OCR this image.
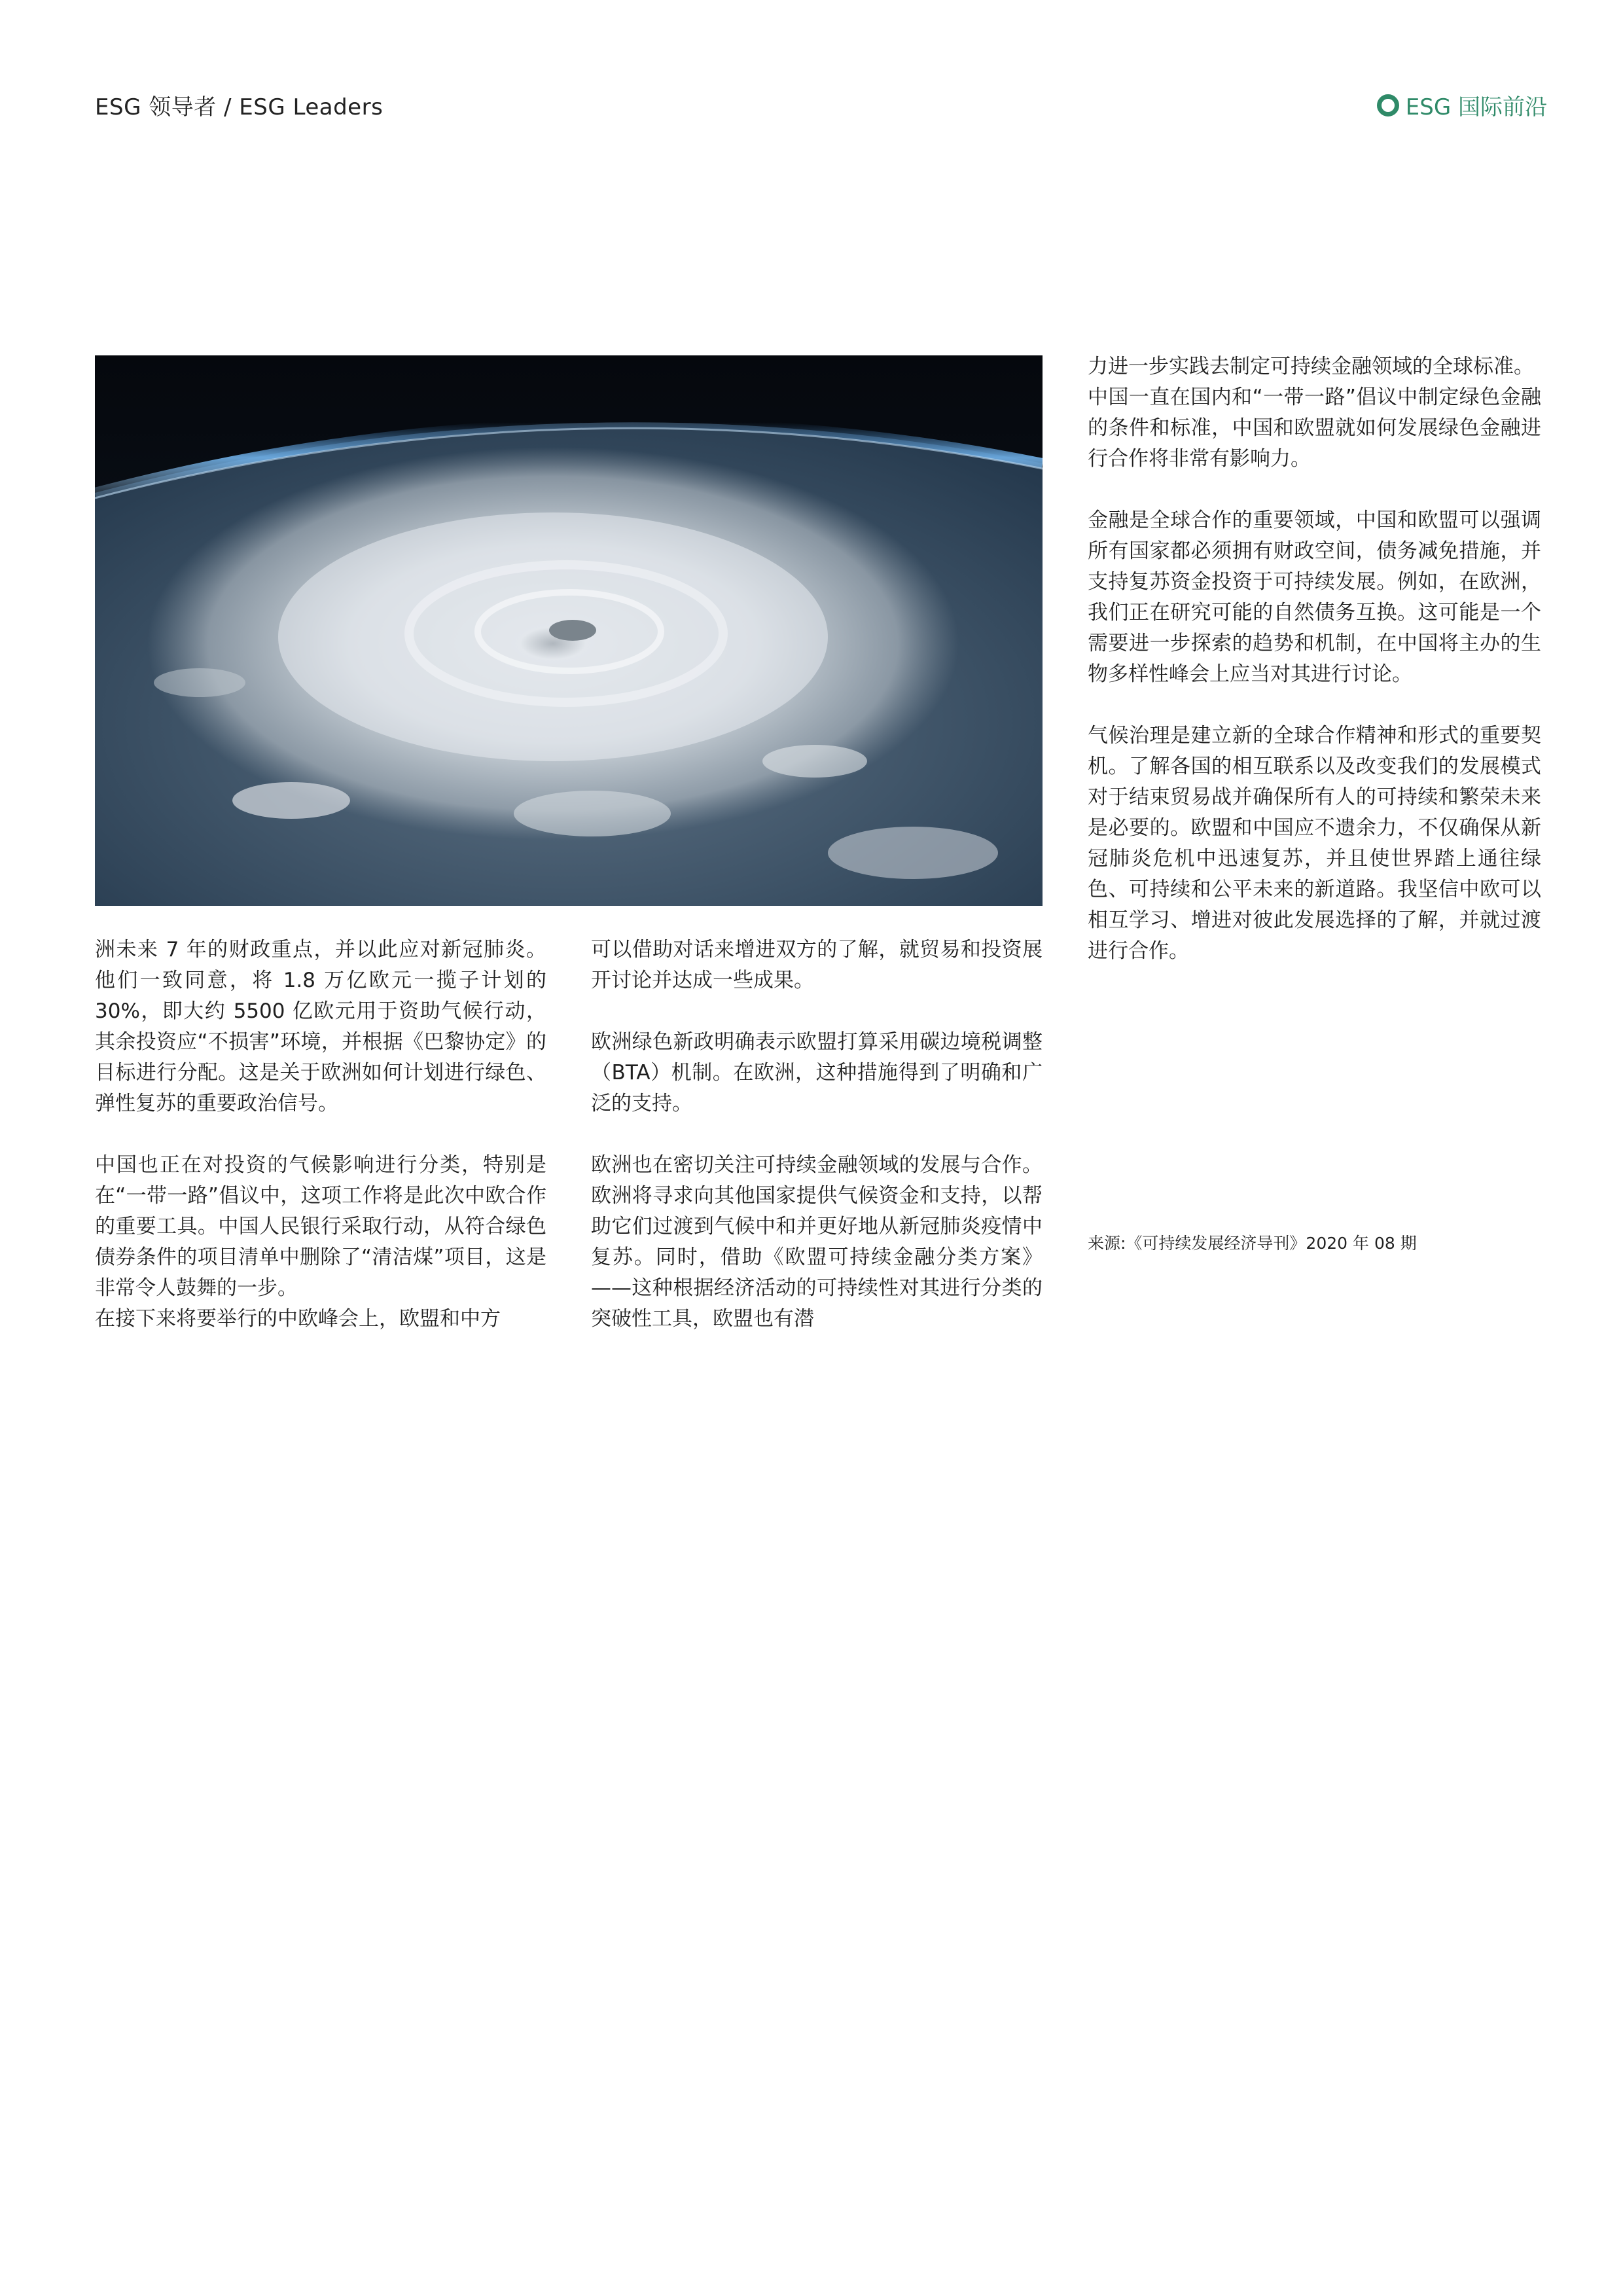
ESG 领导者 / ESG Leaders	ESG 国际前沿

洲未来 7 年的财政重点，并以此应对新冠肺炎。他们一致同意，将 1.8 万亿欧元一揽子计划的 30%，即大约 5500 亿欧元用于资助气候行动，其余投资应“不损害”环境，并根据《巴黎协定》的目标进行分配。这是关于欧洲如何计划进行绿色、弹性复苏的重要政治信号。

中国也正在对投资的气候影响进行分类，特别是在“一带一路”倡议中，这项工作将是此次中欧合作的重要工具。中国人民银行采取行动，从符合绿色债券条件的项目清单中删除了“清洁煤”项目，这是非常令人鼓舞的一步。

在接下来将要举行的中欧峰会上，欧盟和中方

可以借助对话来增进双方的了解，就贸易和投资展开讨论并达成一些成果。

欧洲绿色新政明确表示欧盟打算采用碳边境税调整（BTA）机制。在欧洲，这种措施得到了明确和广泛的支持。

欧洲也在密切关注可持续金融领域的发展与合作。欧洲将寻求向其他国家提供气候资金和支持，以帮助它们过渡到气候中和并更好地从新冠肺炎疫情中复苏。同时，借助《欧盟可持续金融分类方案》——这种根据经济活动的可持续性对其进行分类的突破性工具，欧盟也有潜

力进一步实践去制定可持续金融领域的全球标准。

中国一直在国内和“一带一路”倡议中制定绿色金融的条件和标准，中国和欧盟就如何发展绿色金融进行合作将非常有影响力。

金融是全球合作的重要领域，中国和欧盟可以强调所有国家都必须拥有财政空间，债务减免措施，并支持复苏资金投资于可持续发展。例如，在欧洲，我们正在研究可能的自然债务互换。这可能是一个需要进一步探索的趋势和机制，在中国将主办的生物多样性峰会上应当对其进行讨论。

气候治理是建立新的全球合作精神和形式的重要契机。了解各国的相互联系以及改变我们的发展模式对于结束贸易战并确保所有人的可持续和繁荣未来是必要的。欧盟和中国应不遗余力，不仅确保从新冠肺炎危机中迅速复苏，并且使世界踏上通往绿色、可持续和公平未来的新道路。我坚信中欧可以相互学习、增进对彼此发展选择的了解，并就过渡进行合作。

来源:《可持续发展经济导刊》2020 年 08 期
